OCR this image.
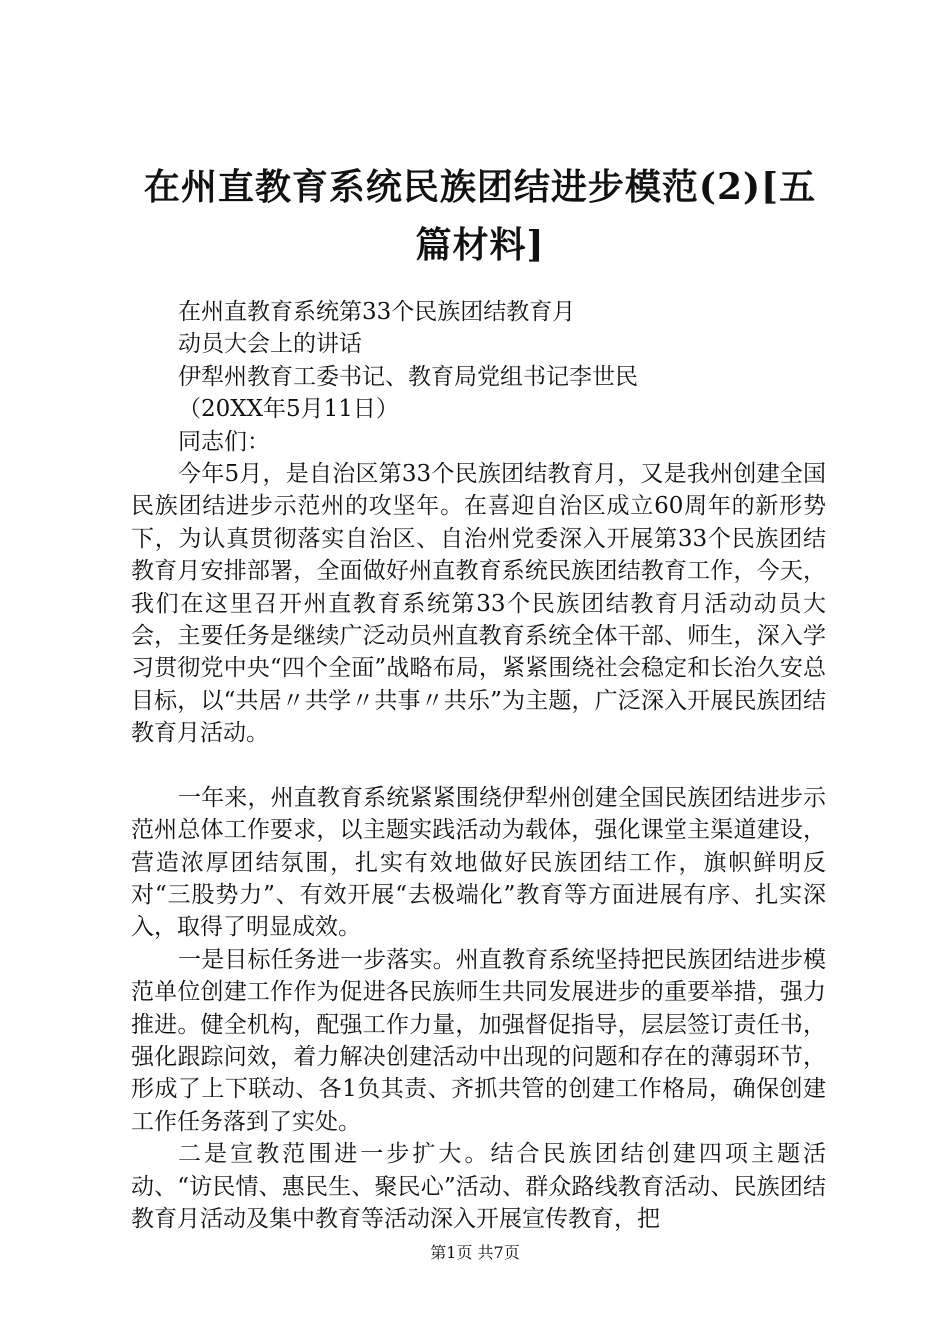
在州直教育系统民族团结进步模范(2)[五篇材料]

在州直教育系统第33个民族团结教育月

动员大会上的讲话

伊犁州教育工委书记、教育局党组书记李世民

（20XX年5月11日）

同志们：

今年5月，是自治区第33个民族团结教育月，又是我州创建全国民族团结进步示范州的攻坚年。在喜迎自治区成立60周年的新形势下，为认真贯彻落实自治区、自治州党委深入开展第33个民族团结教育月安排部署，全面做好州直教育系统民族团结教育工作，今天，我们在这里召开州直教育系统第33个民族团结教育月活动动员大会，主要任务是继续广泛动员州直教育系统全体干部、师生，深入学习贯彻党中央“四个全面”战略布局，紧紧围绕社会稳定和长治久安总目标，以“共居〃共学〃共事〃共乐”为主题，广泛深入开展民族团结教育月活动。

一年来，州直教育系统紧紧围绕伊犁州创建全国民族团结进步示范州总体工作要求，以主题实践活动为载体，强化课堂主渠道建设，营造浓厚团结氛围，扎实有效地做好民族团结工作，旗帜鲜明反对“三股势力”、有效开展“去极端化”教育等方面进展有序、扎实深入，取得了明显成效。

一是目标任务进一步落实。州直教育系统坚持把民族团结进步模范单位创建工作作为促进各民族师生共同发展进步的重要举措，强力推进。健全机构，配强工作力量，加强督促指导，层层签订责任书，强化跟踪问效，着力解决创建活动中出现的问题和存在的薄弱环节，形成了上下联动、各1负其责、齐抓共管的创建工作格局，确保创建工作任务落到了实处。

二是宣教范围进一步扩大。结合民族团结创建四项主题活动、“访民情、惠民生、聚民心”活动、群众路线教育活动、民族团结教育月活动及集中教育等活动深入开展宣传教育，把

第1页 共7页
